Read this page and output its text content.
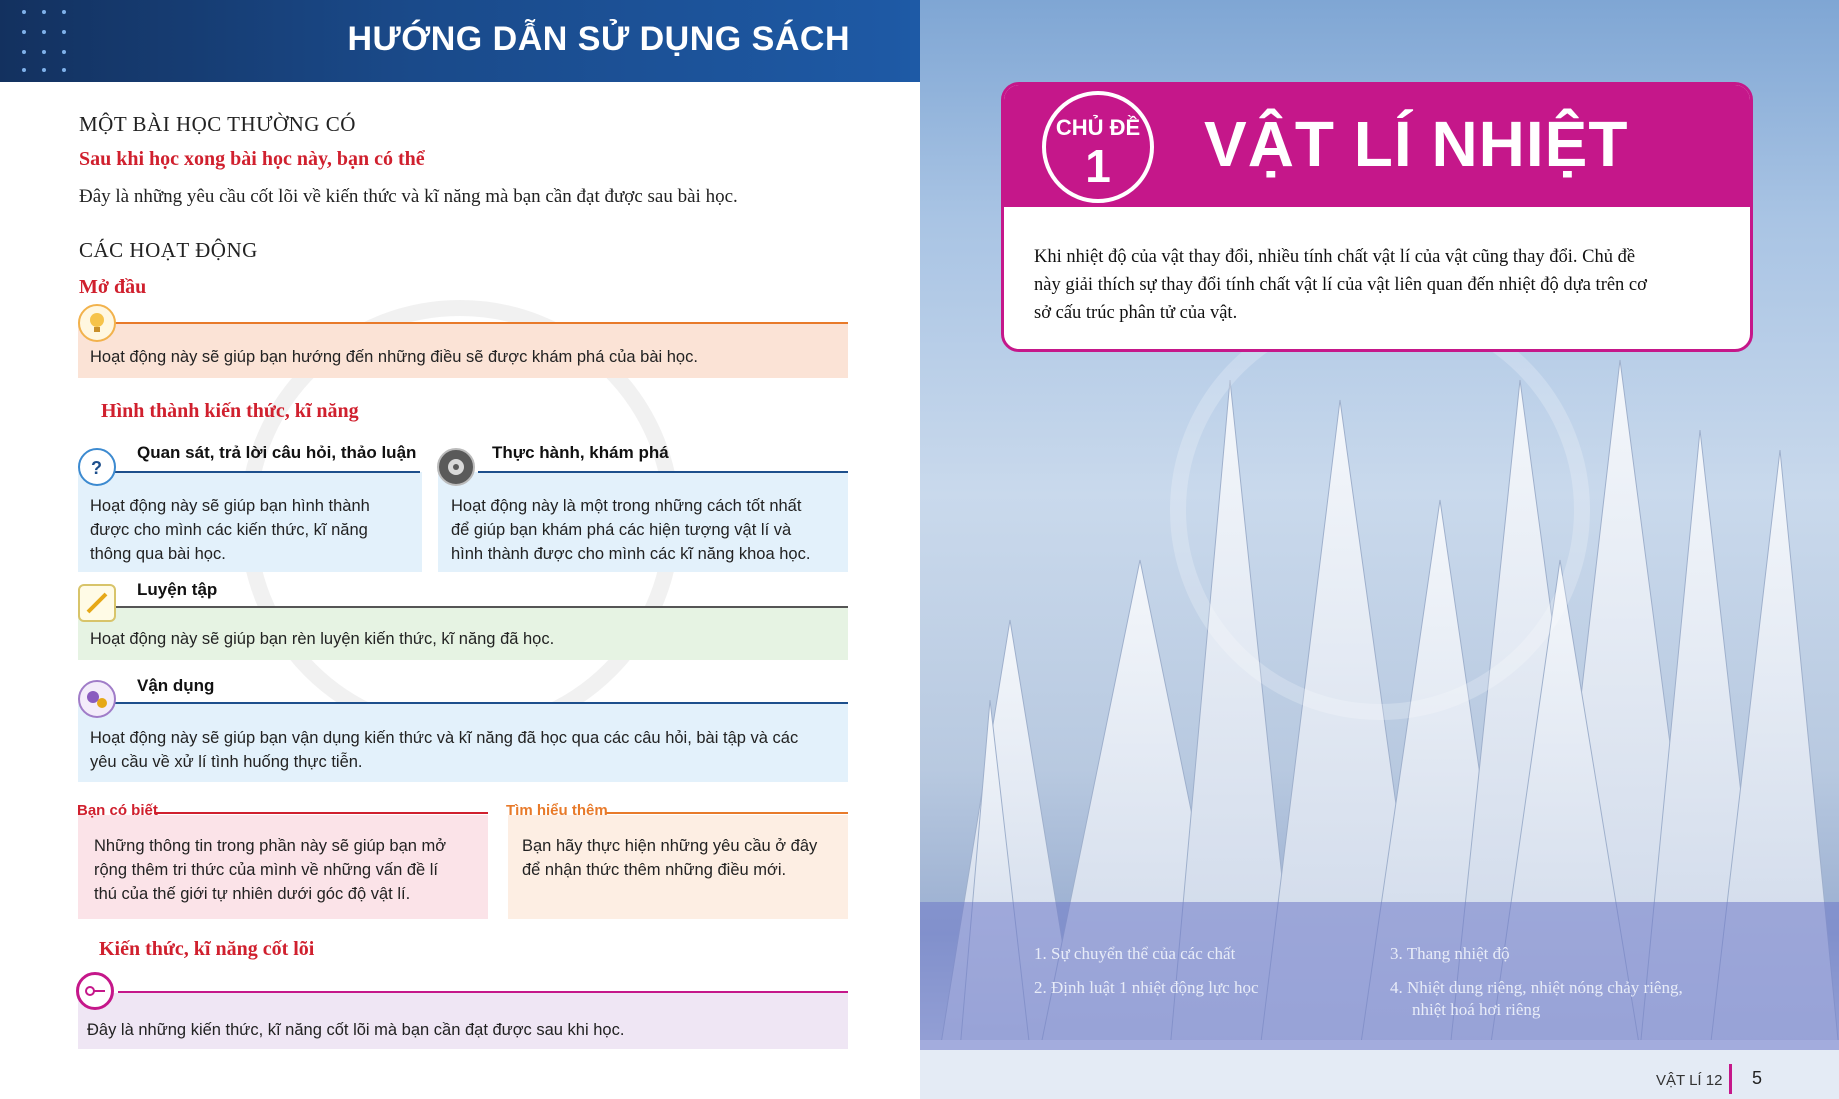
HƯỚNG DẪN SỬ DỤNG SÁCH
MỘT BÀI HỌC THƯỜNG CÓ
Sau khi học xong bài học này, bạn có thể
Đây là những yêu cầu cốt lõi về kiến thức và kĩ năng mà bạn cần đạt được sau bài học.
CÁC HOẠT ĐỘNG
Mở đầu
Hoạt động này sẽ giúp bạn hướng đến những điều sẽ được khám phá của bài học.
Hình thành kiến thức, kĩ năng
?
Quan sát, trả lời câu hỏi, thảo luận
Hoạt động này sẽ giúp bạn hình thành
được cho mình các kiến thức, kĩ năng
thông qua bài học.
Thực hành, khám phá
Hoạt động này là một trong những cách tốt nhất
để giúp bạn khám phá các hiện tượng vật lí và
hình thành được cho mình các kĩ năng khoa học.
Luyện tập
Hoạt động này sẽ giúp bạn rèn luyện kiến thức, kĩ năng đã học.
Vận dụng
Hoạt động này sẽ giúp bạn vận dụng kiến thức và kĩ năng đã học qua các câu hỏi, bài tập và các
yêu cầu về xử lí tình huống thực tiễn.
Bạn có biết
Những thông tin trong phần này sẽ giúp bạn mở
rộng thêm tri thức của mình về những vấn đề lí
thú của thế giới tự nhiên dưới góc độ vật lí.
Tìm hiểu thêm
Bạn hãy thực hiện những yêu cầu ở đây
để nhận thức thêm những điều mới.
Kiến thức, kĩ năng cốt lõi
Đây là những kiến thức, kĩ năng cốt lõi mà bạn cần đạt được sau khi học.
CHỦ ĐỀ
1	VẬT LÍ NHIỆT
Khi nhiệt độ của vật thay đổi, nhiều tính chất vật lí của vật cũng thay đổi. Chủ đề
này giải thích sự thay đổi tính chất vật lí của vật liên quan đến nhiệt độ dựa trên cơ
sở cấu trúc phân tử của vật.
1. Sự chuyển thể của các chất
2. Định luật 1 nhiệt động lực học
3. Thang nhiệt độ
4. Nhiệt dung riêng, nhiệt nóng chảy riêng,
nhiệt hoá hơi riêng
VẬT LÍ 12 5
